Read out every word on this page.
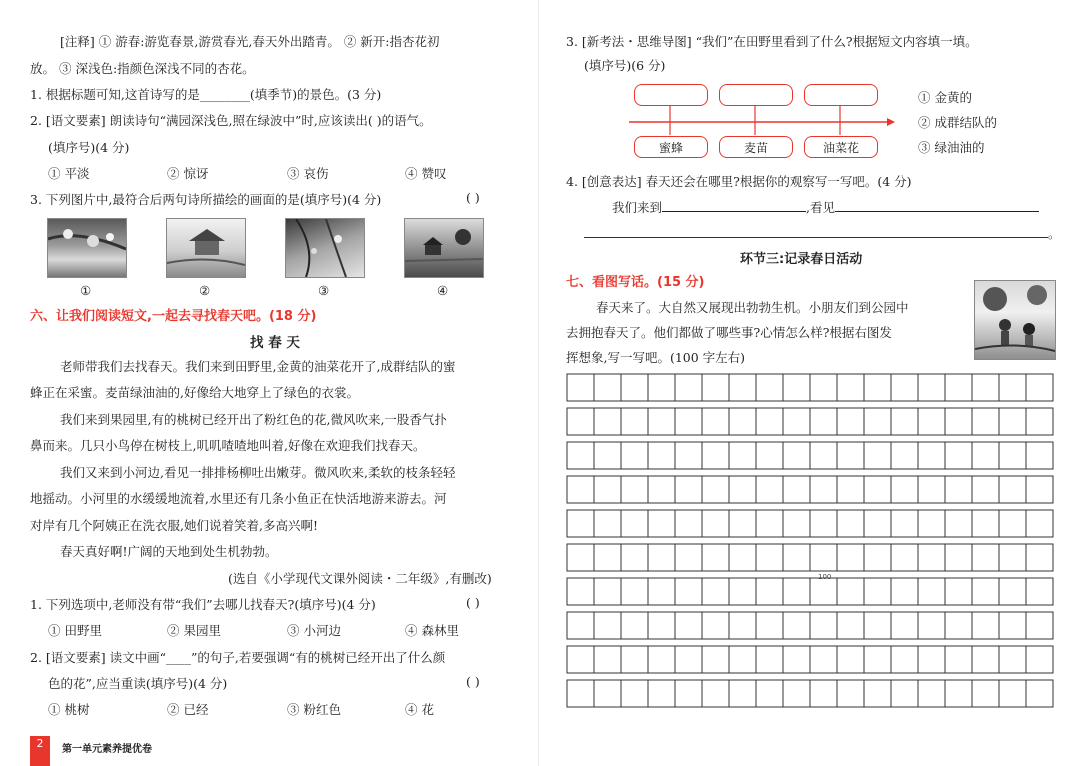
[注释] ① 游春:游览春景,游赏春光,春天外出踏青。 ② 新开:指杏花初
放。 ③ 深浅色:指颜色深浅不同的杏花。
1. 根据标题可知,这首诗写的是________(填季节)的景色。(3 分)
2. [语文要素] 朗读诗句“满园深浅色,照在绿波中”时,应该读出( )的语气。
(填序号)(4 分)
① 平淡	② 惊讶	③ 哀伤	④ 赞叹
3. 下列图片中,最符合后两句诗所描绘的画面的是(填序号)(4 分)	( )
①	②	③	④
六、让我们阅读短文,一起去寻找春天吧。(18 分)
找 春 天
老师带我们去找春天。我们来到田野里,金黄的油菜花开了,成群结队的蜜
蜂正在采蜜。麦苗绿油油的,好像给大地穿上了绿色的衣裳。
我们来到果园里,有的桃树已经开出了粉红色的花,微风吹来,一股香气扑
鼻而来。几只小鸟停在树枝上,叽叽喳喳地叫着,好像在欢迎我们找春天。
我们又来到小河边,看见一排排杨柳吐出嫩芽。微风吹来,柔软的枝条轻轻
地摇动。小河里的水缓缓地流着,水里还有几条小鱼正在快活地游来游去。河
对岸有几个阿姨正在洗衣服,她们说着笑着,多高兴啊!
春天真好啊!广阔的天地到处生机勃勃。
(选自《小学现代文课外阅读・二年级》,有删改)
1. 下列选项中,老师没有带“我们”去哪儿找春天?(填序号)(4 分)	( )
① 田野里	② 果园里	③ 小河边	④ 森林里
2. [语文要素] 读文中画“____”的句子,若要强调“有的桃树已经开出了什么颜
色的花”,应当重读(填序号)(4 分)	( )
① 桃树	② 已经	③ 粉红色	④ 花
2	第一单元素养提优卷
3. [新考法・思维导图] “我们”在田野里看到了什么?根据短文内容填一填。
(填序号)(6 分)
蜜蜂	麦苗	油菜花
① 金黄的
② 成群结队的
③ 绿油油的
4. [创意表达] 春天还会在哪里?根据你的观察写一写吧。(4 分)
我们来到	,看见
。
环节三:记录春日活动
七、看图写话。(15 分)
春天来了。大自然又展现出勃勃生机。小朋友们到公园中
去拥抱春天了。他们都做了哪些事?心情怎么样?根据右图发
挥想象,写一写吧。(100 字左右)
100
